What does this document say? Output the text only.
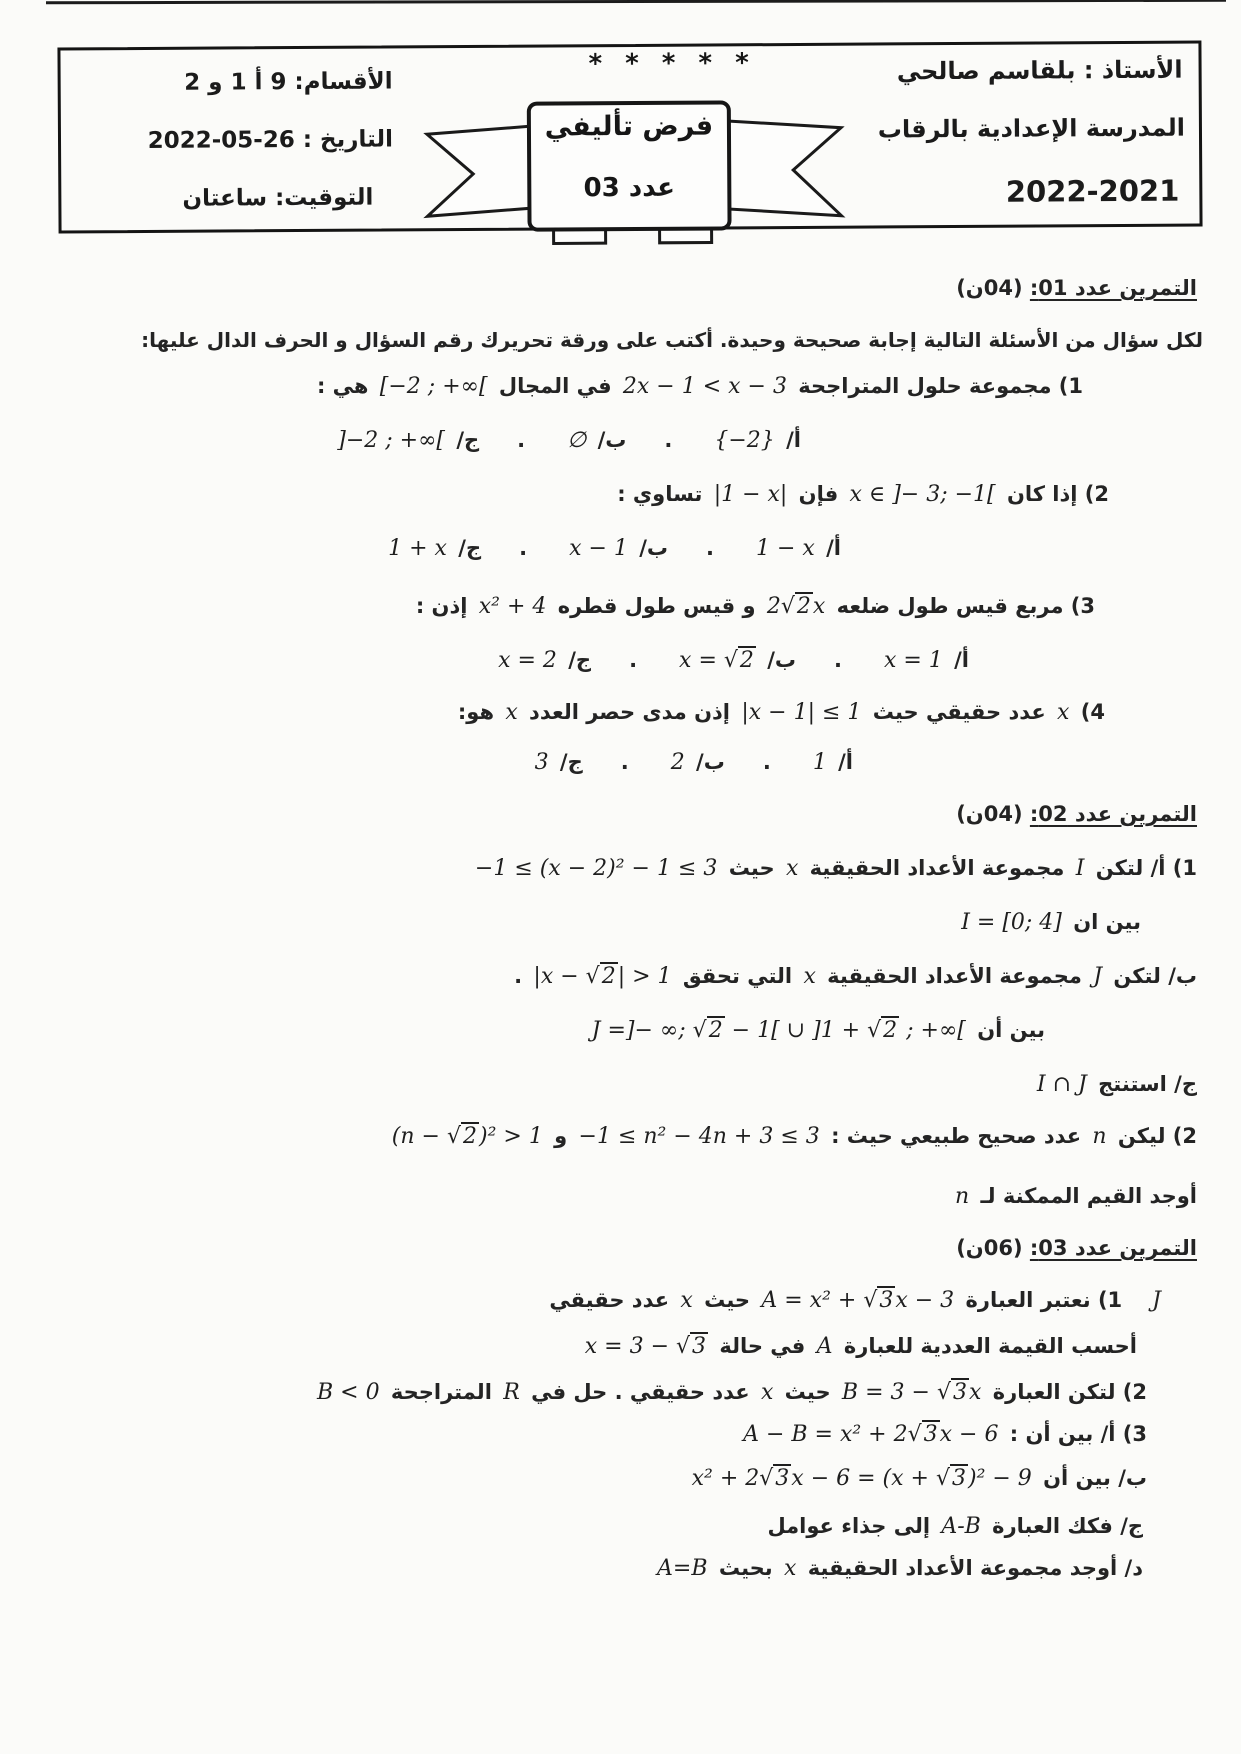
الأستاذ : بلقاسم صالحي
المدرسة الإعدادية بالرقاب
2022-2021
الأقسام: 9 أ 1 و 2
التاريخ : 2022-05-26
التوقيت: ساعتان
* * * * *
فرض تأليفي
عدد 03
التمرين عدد 01: (04ن)
لكل سؤال من الأسئلة التالية إجابة صحيحة وحيدة. أكتب على ورقة تحريرك رقم السؤال و الحرف الدال عليها:
1) مجموعة حلول المتراجحة 2x − 1 < x − 3 في المجال [−2 ; +∞[ هي :
أ/ {−2}.ب/ ∅.ج/ ]−2 ; +∞[
2) إذا كان x ∈ ]− 3; −1[ فإن |1 − x| تساوي :
أ/ 1 − x.ب/ x − 1.ج/ 1 + x
3) مربع قيس طول ضلعه 2√2x و قيس طول قطره x² + 4 إذن :
أ/ x = 1.ب/ x = √2.ج/ x = 2
4) x عدد حقيقي حيث |x − 1| ≤ 1 إذن مدى حصر العدد x هو:
أ/ 1.ب/ 2.ج/ 3
التمرين عدد 02: (04ن)
1) أ/ لتكن I مجموعة الأعداد الحقيقية x حيث −1 ≤ (x − 2)² − 1 ≤ 3
بين ان I = [0; 4]
ب/ لتكن J مجموعة الأعداد الحقيقية x التي تحقق |x − √2| > 1 .
بين أن J =]− ∞; √2 − 1[ ∪ ]1 + √2 ; +∞[
ج/ استنتج I ∩ J
2) ليكن n عدد صحيح طبيعي حيث : −1 ≤ n² − 4n + 3 ≤ 3 و (n − √2)² > 1
أوجد القيم الممكنة لـ n
التمرين عدد 03: (06ن)
J1) نعتبر العبارة A = x² + √3x − 3 حيث x عدد حقيقي
أحسب القيمة العددية للعبارة A في حالة x = 3 − √3
2) لتكن العبارة B = 3 − √3x حيث x عدد حقيقي . حل في R المتراجحة B < 0
3) أ/ بين أن : A − B = x² + 2√3x − 6
ب/ بين أن x² + 2√3x − 6 = (x + √3)² − 9
ج/ فكك العبارة A-B إلى جذاء عوامل
د/ أوجد مجموعة الأعداد الحقيقية x بحيث A=B
